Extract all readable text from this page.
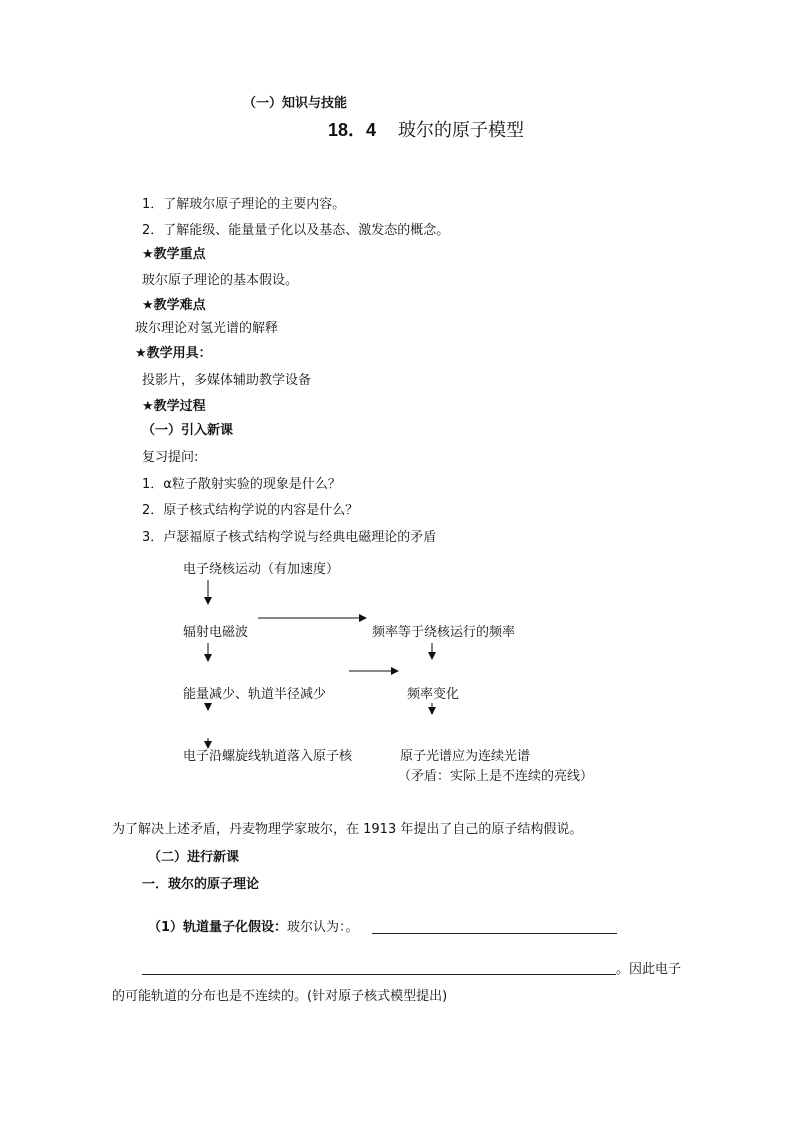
（一）知识与技能
18．4 玻尔的原子模型
1．了解玻尔原子理论的主要内容。
2．了解能级、能量量子化以及基态、激发态的概念。
★教学重点
玻尔原子理论的基本假设。
★教学难点
玻尔理论对氢光谱的解释
★教学用具：
投影片，多媒体辅助教学设备
★教学过程
（一）引入新课
复习提问:
1．α粒子散射实验的现象是什么？
2．原子核式结构学说的内容是什么？
3．卢瑟福原子核式结构学说与经典电磁理论的矛盾
电子绕核运动（有加速度）
辐射电磁波
能量减少、轨道半径减少
电子沿螺旋线轨道落入原子核
频率等于绕核运行的频率
频率变化
原子光谱应为连续光谱
（矛盾：实际上是不连续的亮线）
为了解决上述矛盾，丹麦物理学家玻尔，在 1913 年提出了自己的原子结构假说。
（二）进行新课
一．玻尔的原子理论
（1）轨道量子化假设：玻尔认为：。
。因此电子
的可能轨道的分布也是不连续的。(针对原子核式模型提出)
